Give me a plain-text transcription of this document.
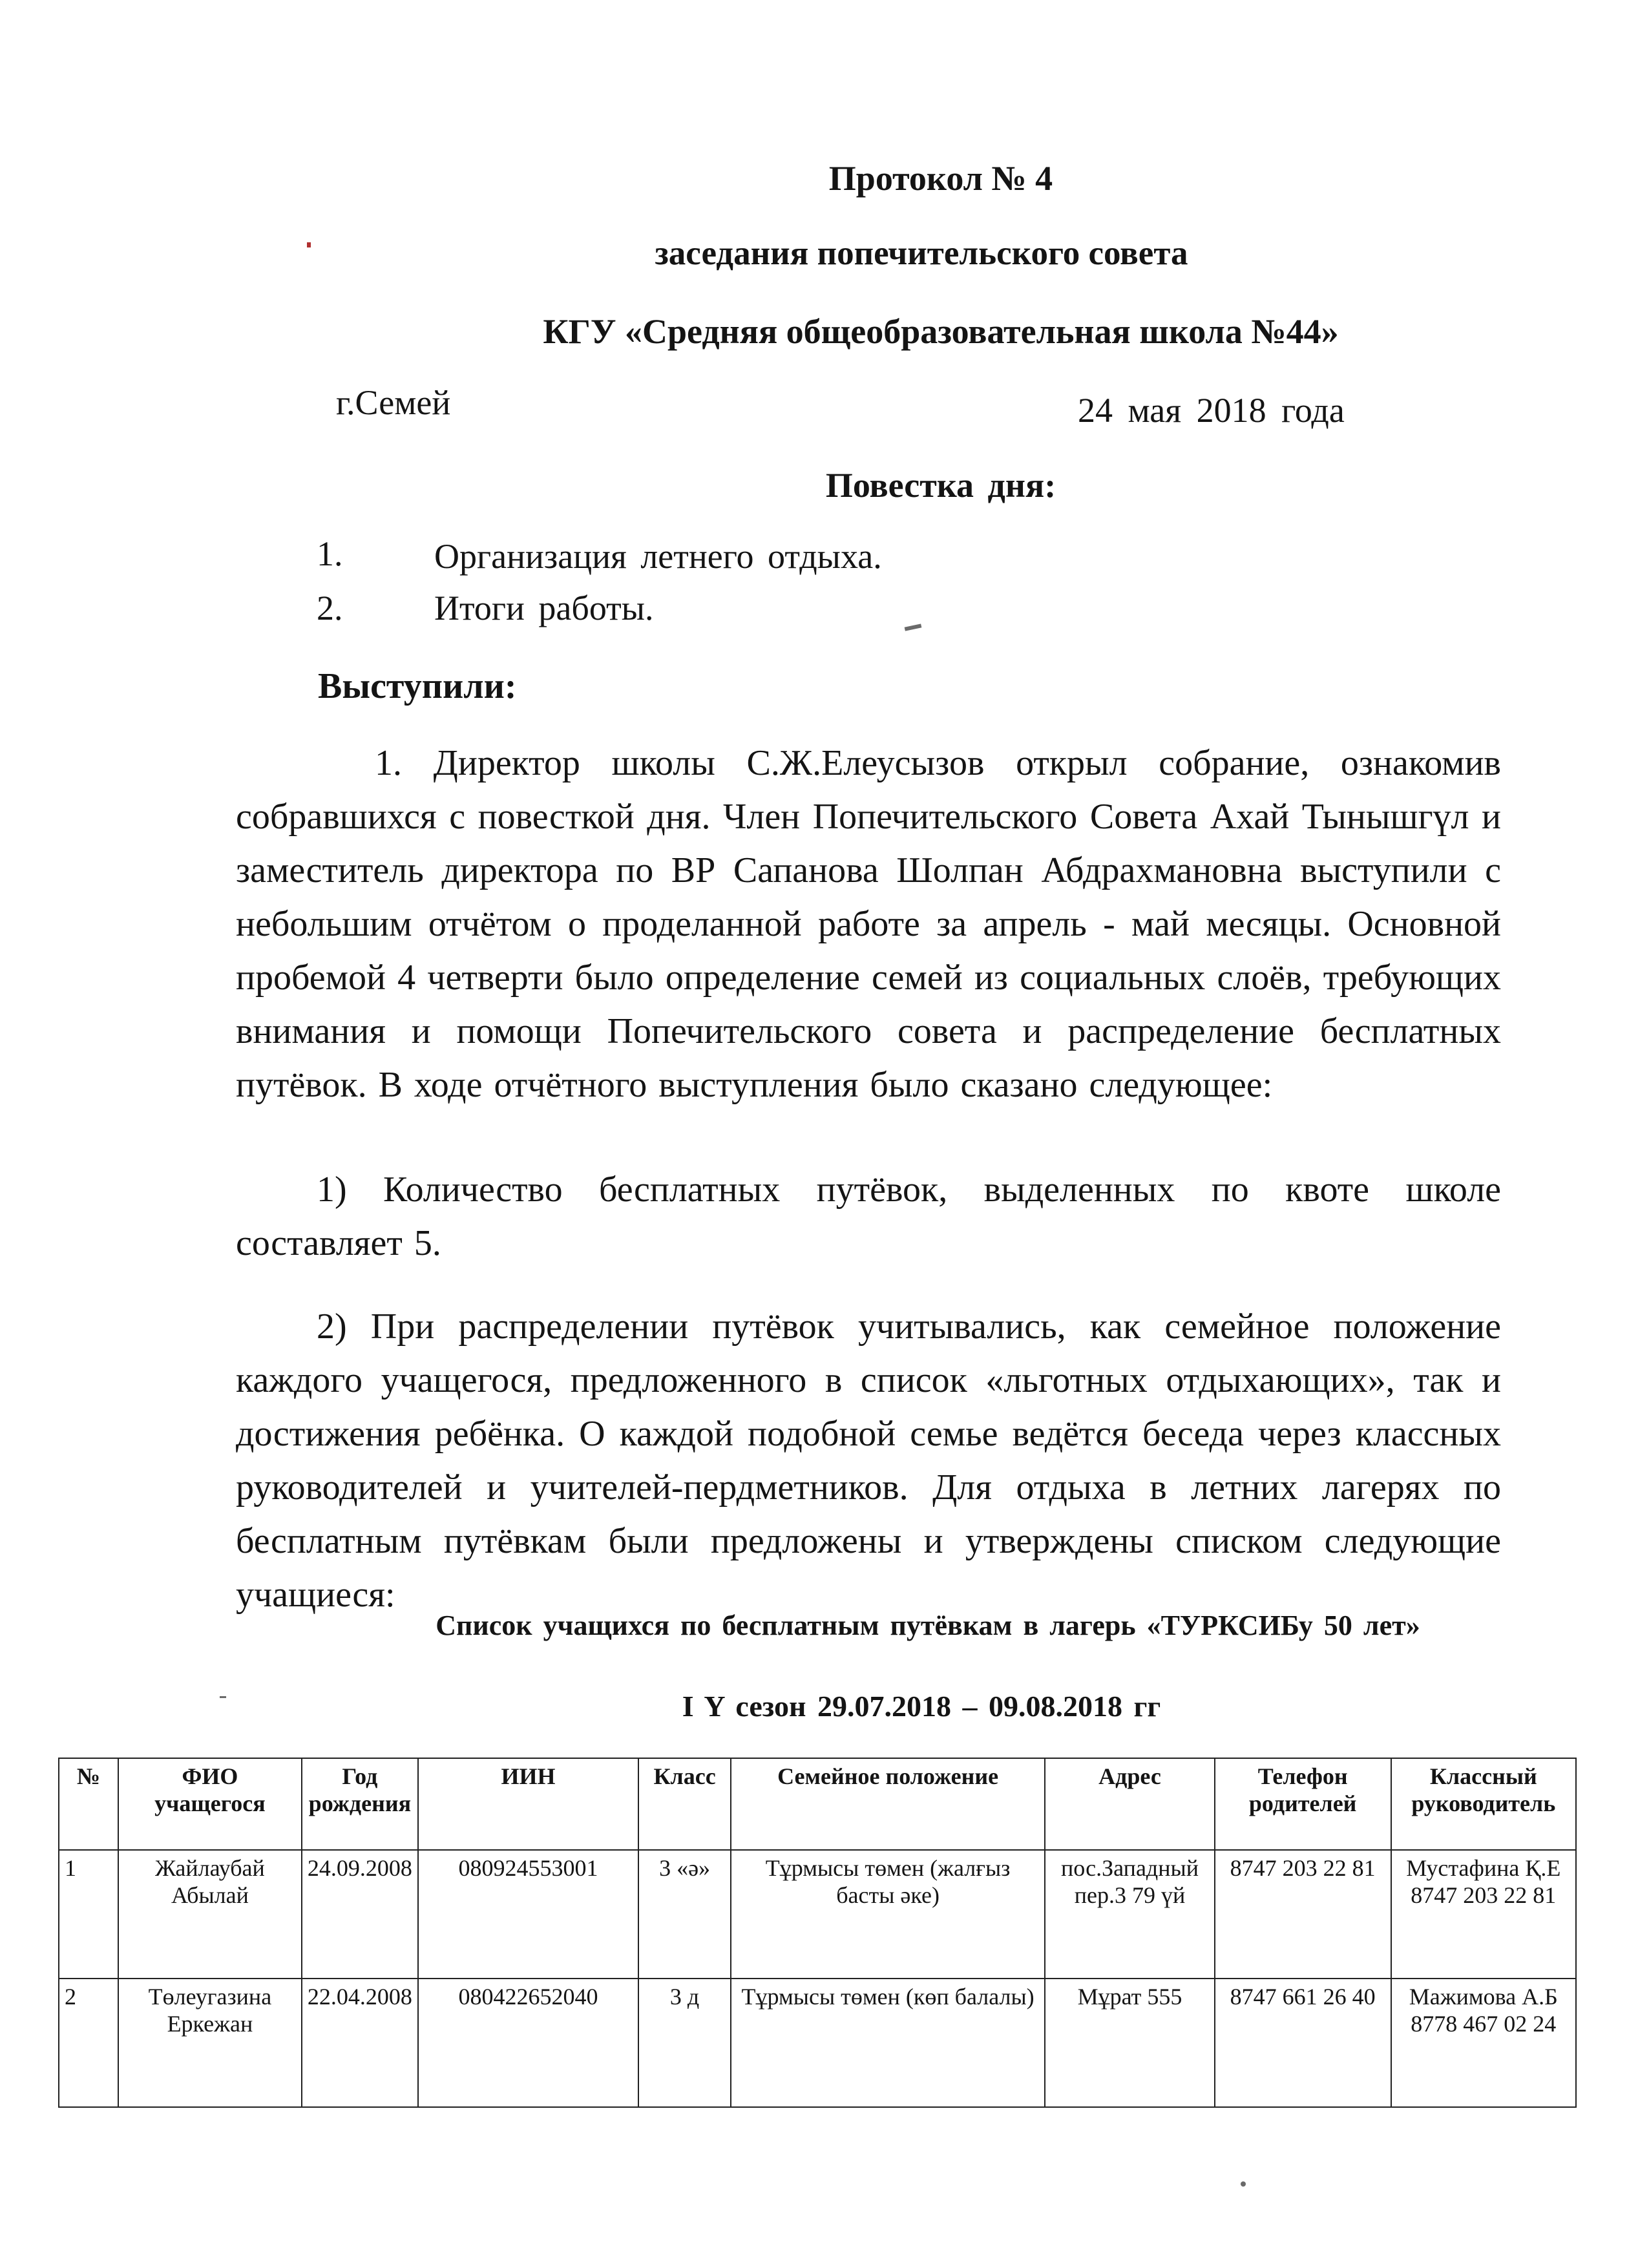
Протокол № 4
заседания попечительского совета
КГУ «Средняя общеобразовательная школа №44»
г.Семей	24 мая 2018 года
Повестка дня:
1.	Организация летнего отдыха.
2.	Итоги работы.
Выступили:
1. Директор школы С.Ж.Елеусызов открыл собрание, ознакомив собравшихся с повесткой дня. Член Попечительского Совета Ахай Тынышгүл и заместитель директора по ВР Сапанова Шолпан Абдрахмановна выступили с небольшим отчётом о проделанной работе за апрель - май месяцы. Основной пробемой 4 четверти было определение семей из социальных слоёв, требующих внимания и помощи Попечительского совета и распределение бесплатных путёвок. В ходе отчётного выступления было сказано следующее:
1) Количество бесплатных путёвок, выделенных по квоте школе составляет 5.
2) При распределении путёвок учитывались, как семейное положение каждого учащегося, предложенного в список «льготных отдыхающих», так и достижения ребёнка. О каждой подобной семье ведётся беседа через классных руководителей и учителей-пердметников. Для отдыха в летних лагерях по бесплатным путёвкам были предложены и утверждены списком следующие учащиеся:
Список учащихся по бесплатным путёвкам в лагерь «ТУРКСИБу 50 лет»
I Y сезон 29.07.2018 – 09.08.2018 гг
№	ФИО учащегося	Год рождения	ИИН	Класс	Семейное положение	Адрес	Телефон родителей	Классный руководитель
1	Жайлаубай Абылай	24.09.2008	080924553001	3 «ә»	Тұрмысы төмен (жалғыз басты әке)	пос.Западный пер.3 79 үй	8747 203 22 81	Мустафина Қ.Е 8747 203 22 81
2	Төлеугазина Еркежан	22.04.2008	080422652040	3 д	Тұрмысы төмен (көп балалы)	Мұрат 555	8747 661 26 40	Мажимова А.Б 8778 467 02 24
